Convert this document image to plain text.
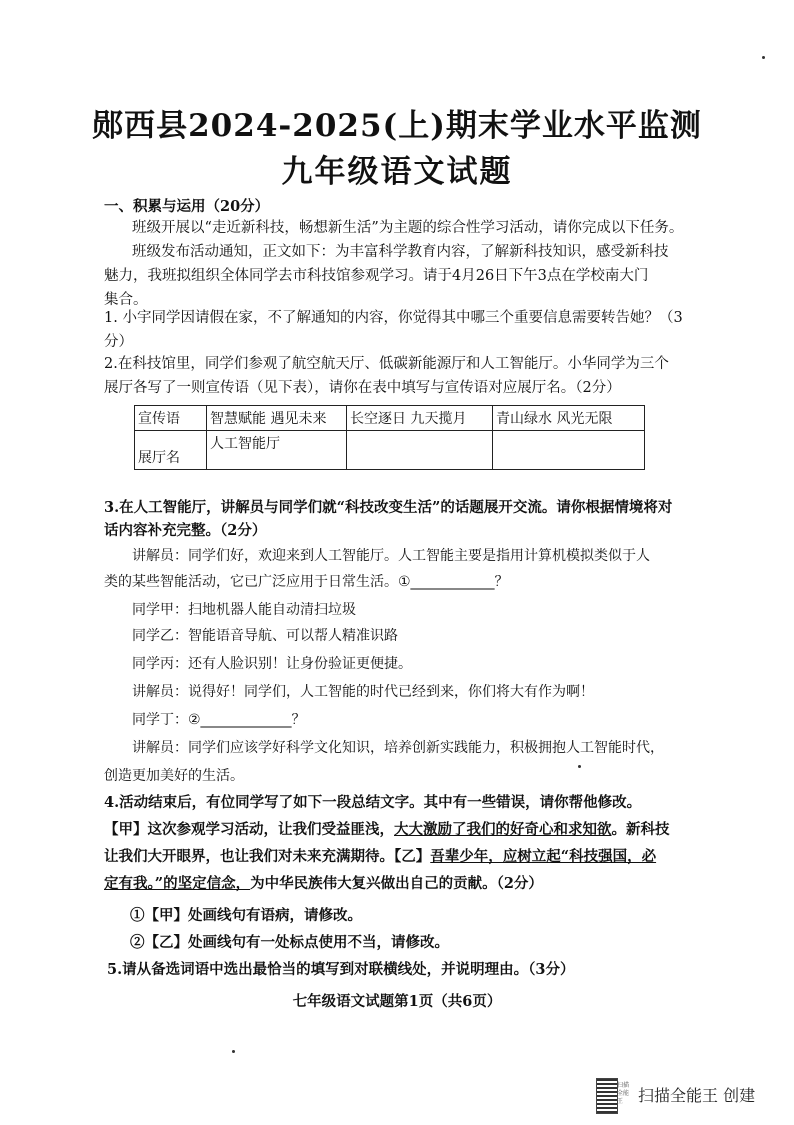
郧西县2024-2025(上)期末学业水平监测
九年级语文试题
一、积累与运用（20分）
班级开展以“走近新科技，畅想新生活”为主题的综合性学习活动，请你完成以下任务。
班级发布活动通知，正文如下：为丰富科学教育内容，了解新科技知识，感受新科技
魅力，我班拟组织全体同学去市科技馆参观学习。请于4月26日下午3点在学校南大门
集合。
1. 小宇同学因请假在家，不了解通知的内容，你觉得其中哪三个重要信息需要转告她？（3
分）
2.在科技馆里，同学们参观了航空航天厅、低碳新能源厅和人工智能厅。小华同学为三个
展厅各写了一则宣传语（见下表），请你在表中填写与宣传语对应展厅名。（2分）
宣传语	智慧赋能 遇见未来	长空逐日 九天揽月	青山绿水 风光无限
展厅名	人工智能厅		
3.在人工智能厅，讲解员与同学们就“科技改变生活”的话题展开交流。请你根据情境将对
话内容补充完整。（2分）
讲解员：同学们好，欢迎来到人工智能厅。人工智能主要是指用计算机模拟类似于人
类的某些智能活动，它已广泛应用于日常生活。①____________？
同学甲：扫地机器人能自动清扫垃圾
同学乙：智能语音导航、可以帮人精准识路
同学丙：还有人脸识别！让身份验证更便捷。
讲解员：说得好！同学们，人工智能的时代已经到来，你们将大有作为啊！
同学丁：②_____________？
讲解员：同学们应该学好科学文化知识，培养创新实践能力，积极拥抱人工智能时代，
创造更加美好的生活。
4.活动结束后，有位同学写了如下一段总结文字。其中有一些错误，请你帮他修改。
【甲】这次参观学习活动，让我们受益匪浅，大大激励了我们的好奇心和求知欲。新科技
让我们大开眼界，也让我们对未来充满期待。【乙】吾辈少年，应树立起“科技强国，必
定有我。”的坚定信念，为中华民族伟大复兴做出自己的贡献。（2分）
①【甲】处画线句有语病，请修改。
②【乙】处画线句有一处标点使用不当，请修改。
5.请从备选词语中选出最恰当的填写到对联横线处，并说明理由。（3分）
七年级语文试题第1页（共6页）
扫描全能王 扫描全能王 创建
